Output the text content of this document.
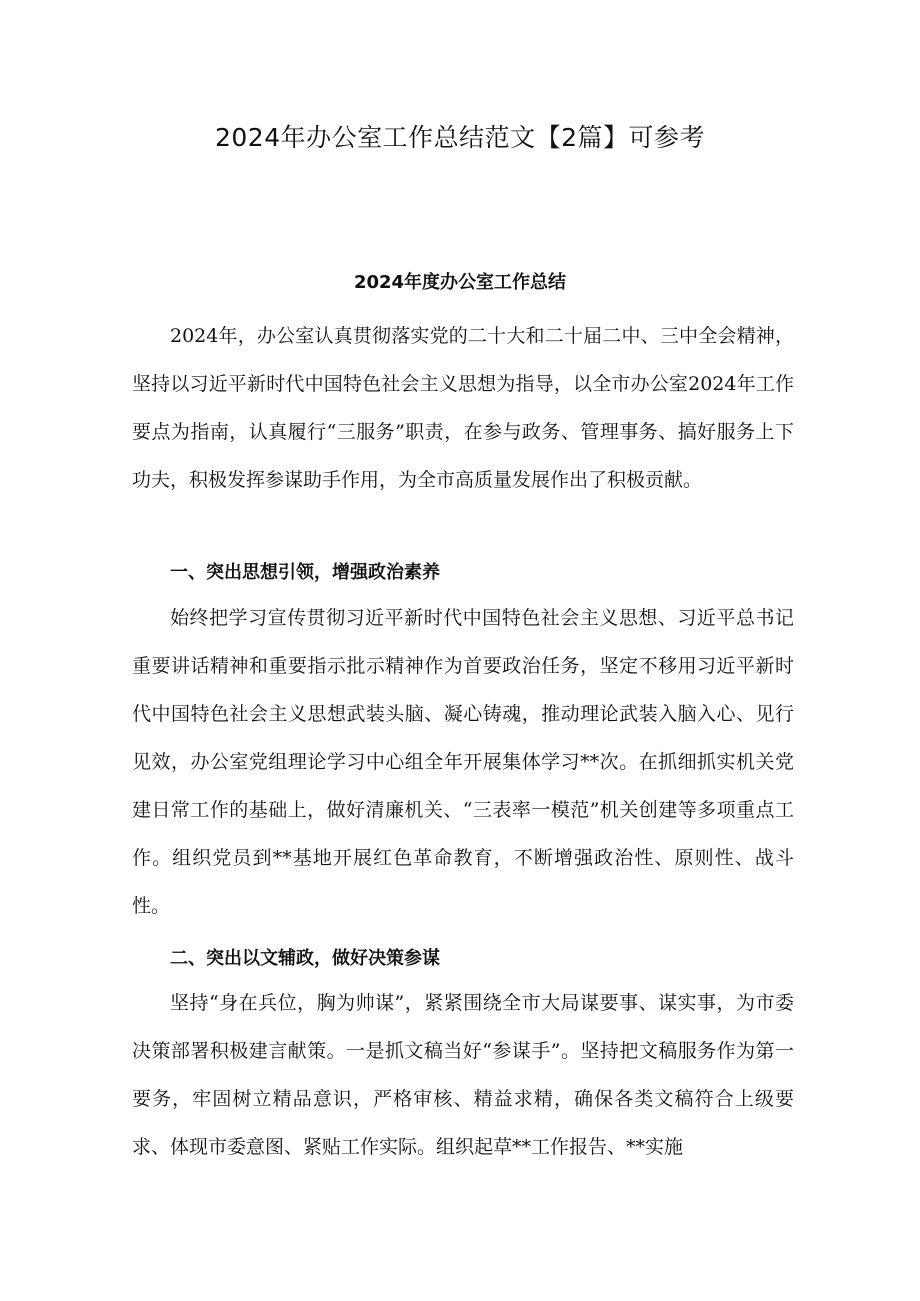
2024年办公室工作总结范文【2篇】可参考
2024年度办公室工作总结

2024年，办公室认真贯彻落实党的二十大和二十届二中、三中全会精神，坚持以习近平新时代中国特色社会主义思想为指导，以全市办公室2024年工作要点为指南，认真履行“三服务”职责，在参与政务、管理事务、搞好服务上下功夫，积极发挥参谋助手作用，为全市高质量发展作出了积极贡献。

一、突出思想引领，增强政治素养

始终把学习宣传贯彻习近平新时代中国特色社会主义思想、习近平总书记重要讲话精神和重要指示批示精神作为首要政治任务，坚定不移用习近平新时代中国特色社会主义思想武装头脑、凝心铸魂，推动理论武装入脑入心、见行见效，办公室党组理论学习中心组全年开展集体学习**次。在抓细抓实机关党建日常工作的基础上，做好清廉机关、“三表率一模范”机关创建等多项重点工作。组织党员到**基地开展红色革命教育，不断增强政治性、原则性、战斗性。

二、突出以文辅政，做好决策参谋

坚持“身在兵位，胸为帅谋”，紧紧围绕全市大局谋要事、谋实事，为市委决策部署积极建言献策。一是抓文稿当好“参谋手”。坚持把文稿服务作为第一要务，牢固树立精品意识，严格审核、精益求精，确保各类文稿符合上级要求、体现市委意图、紧贴工作实际。组织起草**工作报告、**实施
